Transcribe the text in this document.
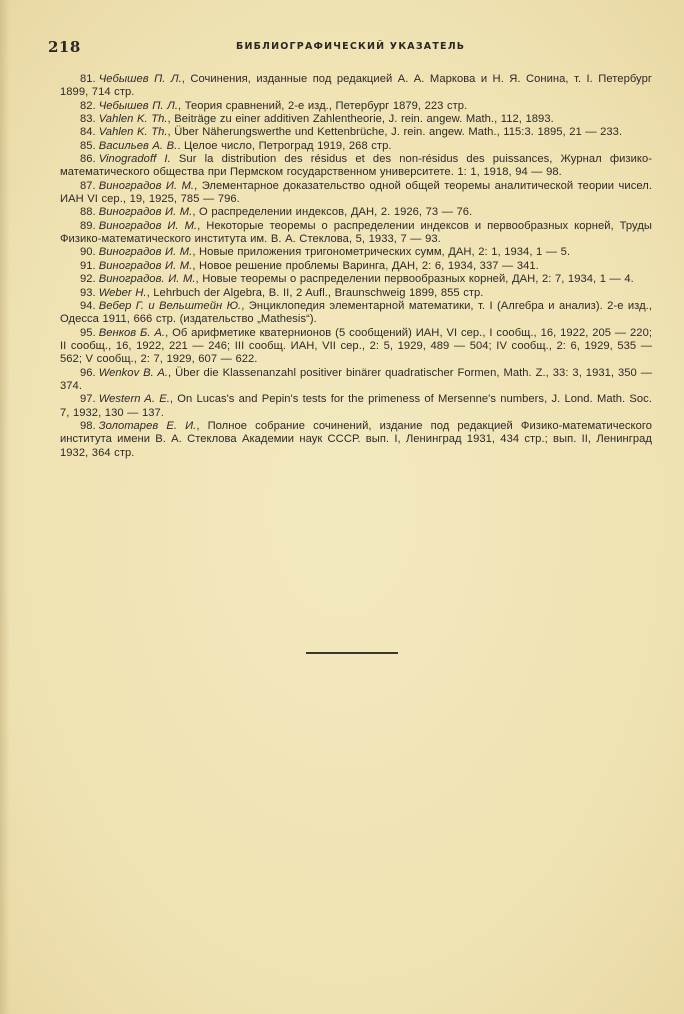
218	БИБЛИОГРАФИЧЕСКИЙ УКАЗАТЕЛЬ

81. Чебышев П. Л., Сочинения, изданные под редакцией А. А. Маркова и Н. Я. Сонина, т. I. Петербург 1899, 714 стр.

82. Чебышев П. Л., Теория сравнений, 2-е изд., Петербург 1879, 223 стр.

83. Vahlen K. Th., Beiträge zu einer additiven Zahlentheorie, J. rein. angew. Math., 112, 1893.

84. Vahlen K. Th., Über Näherungswerthe und Kettenbrüche, J. rein. angew. Math., 115:3. 1895, 21 — 233.

85. Васильев А. В.. Целое число, Петроград 1919, 268 стр.

86. Vinogradoff I. Sur la distribution des résidus et des non-résidus des puissances, Журнал физико-математического общества при Пермском государственном университете. 1: 1, 1918, 94 — 98.

87. Виноградов И. М., Элементарное доказательство одной общей теоремы аналитической теории чисел. ИАН VI сер., 19, 1925, 785 — 796.

88. Виноградов И. М., О распределении индексов, ДАН, 2. 1926, 73 — 76.

89. Виноградов И. М., Некоторые теоремы о распределении индексов и первообразных корней, Труды Физико-математического института им. В. А. Стеклова, 5, 1933, 7 — 93.

90. Виноградов И. М., Новые приложения тригонометрических сумм, ДАН, 2: 1, 1934, 1 — 5.

91. Виноградов И. М., Новое решение проблемы Варинга, ДАН, 2: 6, 1934, 337 — 341.

92. Виноградов. И. М., Новые теоремы о распределении первообразных корней, ДАН, 2: 7, 1934, 1 — 4.

93. Weber H., Lehrbuch der Algebra, B. II, 2 Aufl., Braunschweig 1899, 855 стр.

94. Вебер Г. и Вельштейн Ю., Энциклопедия элементарной математики, т. I (Алгебра и анализ). 2-е изд., Одесса 1911, 666 стр. (издательство „Mathesis“).

95. Венков Б. А., Об арифметике кватернионов (5 сообщений) ИАН, VI сер., I сообщ., 16, 1922, 205 — 220; II сообщ., 16, 1922, 221 — 246; III сообщ. ИАН, VII сер., 2: 5, 1929, 489 — 504; IV сообщ., 2: 6, 1929, 535 — 562; V сообщ., 2: 7, 1929, 607 — 622.

96. Wenkov B. A., Über die Klassenanzahl positiver binärer quadratischer Formen, Math. Z., 33: 3, 1931, 350 — 374.

97. Western A. E., On Lucas's and Pepin's tests for the primeness of Mersenne's numbers, J. Lond. Math. Soc. 7, 1932, 130 — 137.

98. Золотарев Е. И., Полное собрание сочинений, издание под редакцией Физико-математического института имени В. А. Стеклова Академии наук СССР. вып. I, Ленинград 1931, 434 стр.; вып. II, Ленинград 1932, 364 стр.
